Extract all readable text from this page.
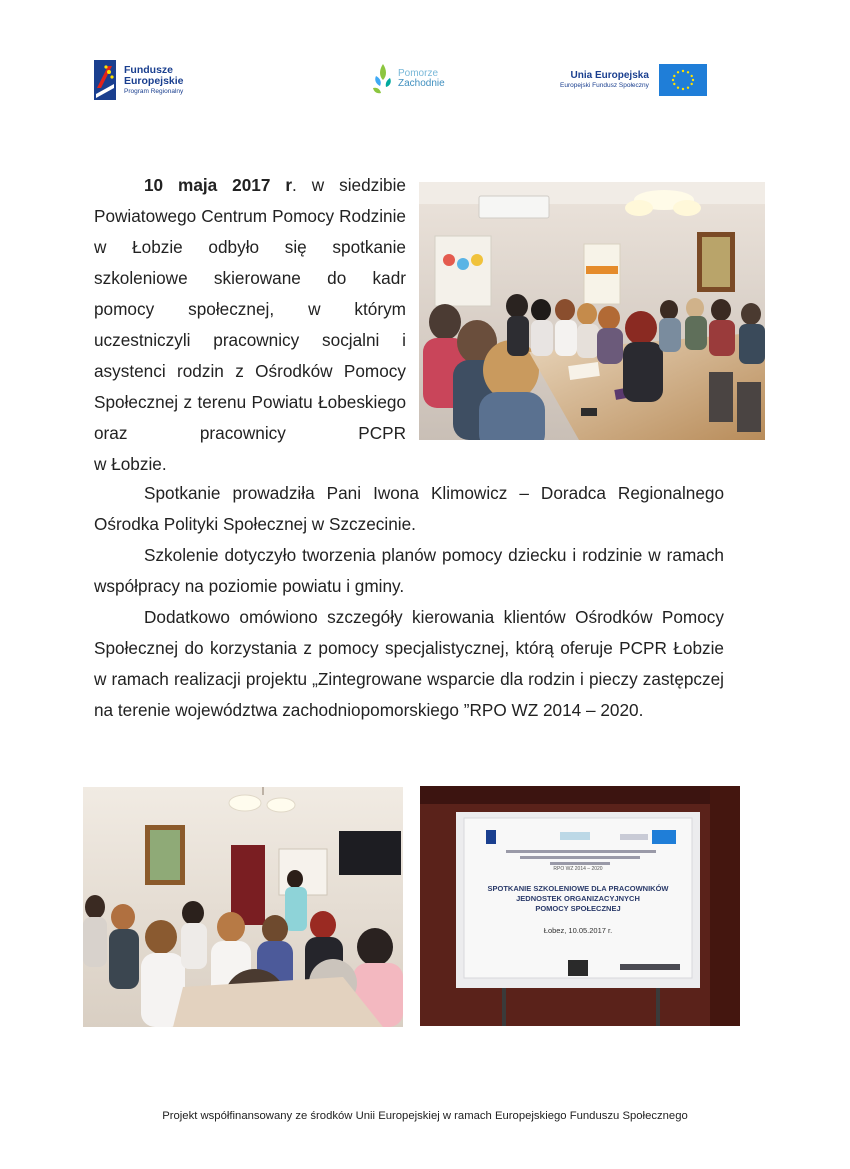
Fundusze
Europejskie
Program Regionalny
Pomorze
Zachodnie
Unia Europejska
Europejski Fundusz Społeczny
10 maja 2017 r. w siedzibie Powiatowego Centrum Pomocy Rodzinie w Łobzie odbyło się spotkanie szkoleniowe skierowane do kadr pomocy społecznej, w którym uczestniczyli pracownicy socjalni i asystenci rodzin z Ośrodków Pomocy Społecznej z terenu Powiatu Łobeskiego oraz pracownicy PCPR
w Łobzie.
Spotkanie prowadziła Pani Iwona Klimowicz – Doradca Regionalnego Ośrodka Polityki Społecznej w Szczecinie.
Szkolenie dotyczyło tworzenia planów pomocy dziecku i rodzinie w ramach współpracy na poziomie powiatu i gminy.
Dodatkowo omówiono szczegóły kierowania klientów Ośrodków Pomocy Społecznej do korzystania z pomocy specjalistycznej, którą oferuje PCPR Łobzie w ramach realizacji projektu „Zintegrowane wsparcie dla rodzin i pieczy zastępczej na terenie województwa zachodniopomorskiego ”RPO WZ 2014 – 2020.
RPO WZ 2014 – 2020
SPOTKANIE SZKOLENIOWE DLA PRACOWNIKÓW
JEDNOSTEK ORGANIZACYJNYCH
POMOCY SPOŁECZNEJ
Łobez, 10.05.2017 r.
Projekt współfinansowany ze środków Unii Europejskiej w ramach Europejskiego Funduszu Społecznego
